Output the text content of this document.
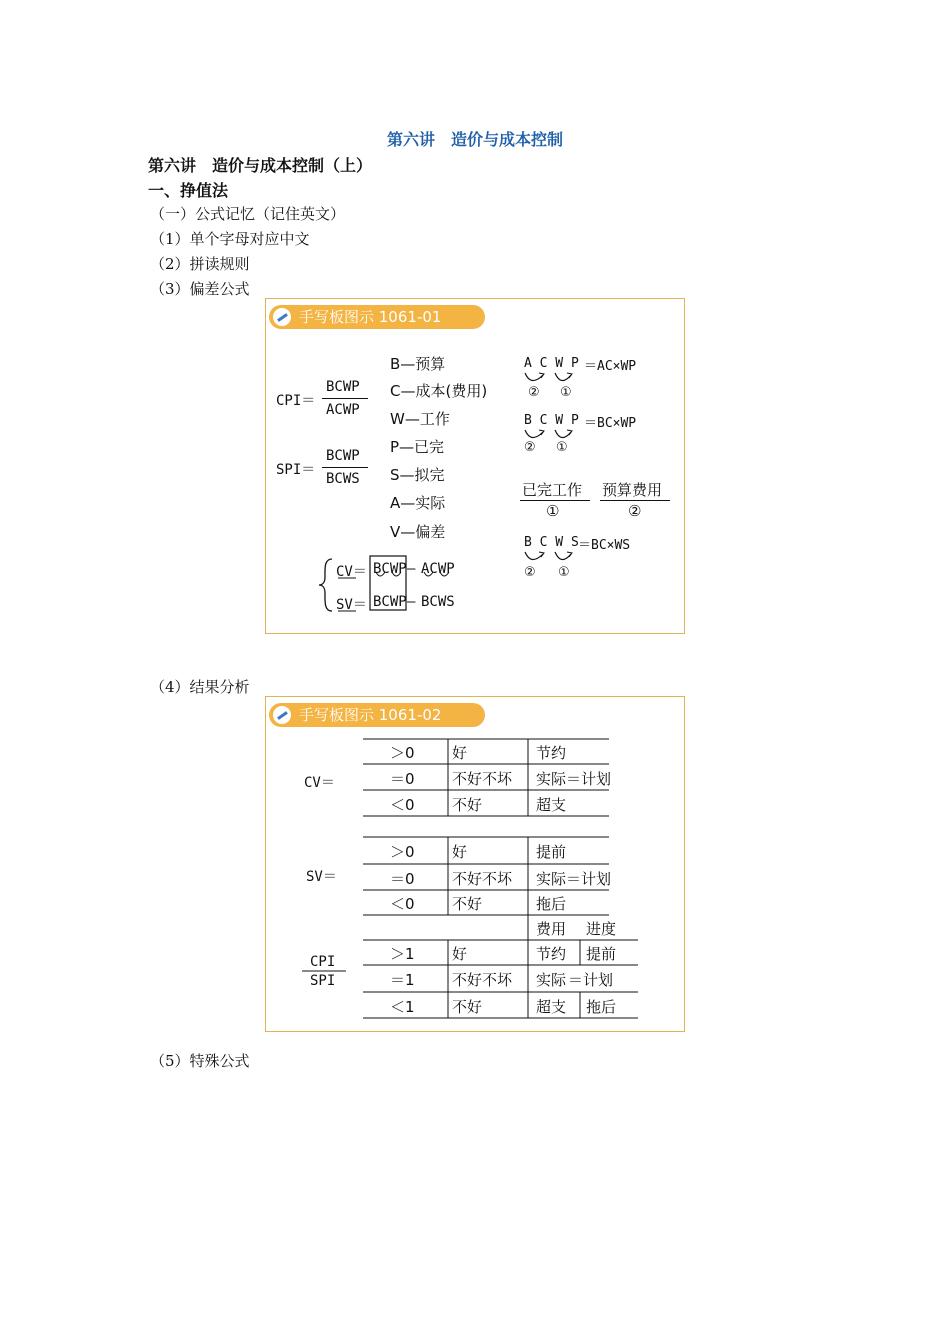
第六讲　造价与成本控制
第六讲　造价与成本控制（上）
一、挣值法
（一）公式记忆（记住英文）
（1）单个字母对应中文
（2）拼读规则
（3）偏差公式
手写板图示 1061-01
CPI＝
BCWP
ACWP
SPI＝
BCWP
BCWS
B—预算
C—成本(费用)
W—工作
P—已完
S—拟完
A—实际
V—偏差
CV＝ BCWP — ACWP
SV＝ BCWP — BCWS
A C W P ＝AC×WP
② ①
B C W P ＝BC×WP
② ①
已完工作
①
预算费用
②
B C W S ＝BC×WS
② ①
（4）结果分析
手写板图示 1061-02
CV＝
＞0 好	节约
＝0 不好不坏 实际＝计划
＜0 不好	超支
SV＝
＞0 好	提前
＝0 不好不坏 实际＝计划
＜0 不好	拖后
费用 进度
CPI
SPI
＞1 好	节约 提前
＝1 不好不坏 实际 ＝计划
＜1 不好	超支 拖后
（5）特殊公式
